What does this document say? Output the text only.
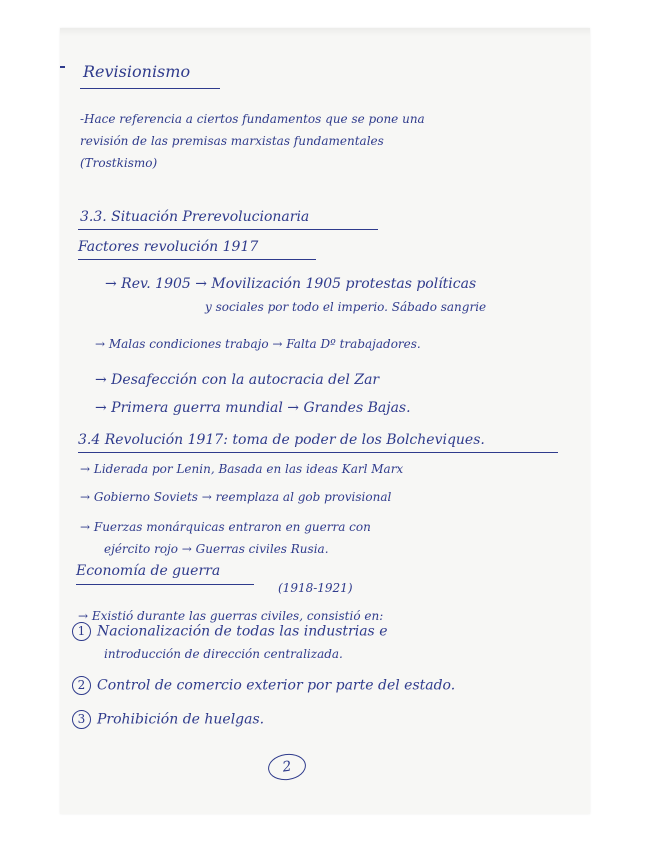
Revisionismo
-Hace referencia a ciertos fundamentos que se pone una
revisión de las premisas marxistas fundamentales
(Trostkismo)
3.3. Situación Prerevolucionaria
Factores revolución 1917
→ Rev. 1905 → Movilización 1905 protestas políticas
y sociales por todo el imperio. Sábado sangrie
→ Malas condiciones trabajo → Falta Dº trabajadores.
→ Desafección con la autocracia del Zar
→ Primera guerra mundial → Grandes Bajas.
3.4 Revolución 1917: toma de poder de los Bolcheviques.
→ Liderada por Lenin, Basada en las ideas Karl Marx
→ Gobierno Soviets → reemplaza al gob provisional
→ Fuerzas monárquicas entraron en guerra con
ejército rojo → Guerras civiles Rusia.
Economía de guerra
(1918-1921)
→ Existió durante las guerras civiles, consistió en:
1 Nacionalización de todas las industrias e
introducción de dirección centralizada.
2 Control de comercio exterior por parte del estado.
3 Prohibición de huelgas.
2
